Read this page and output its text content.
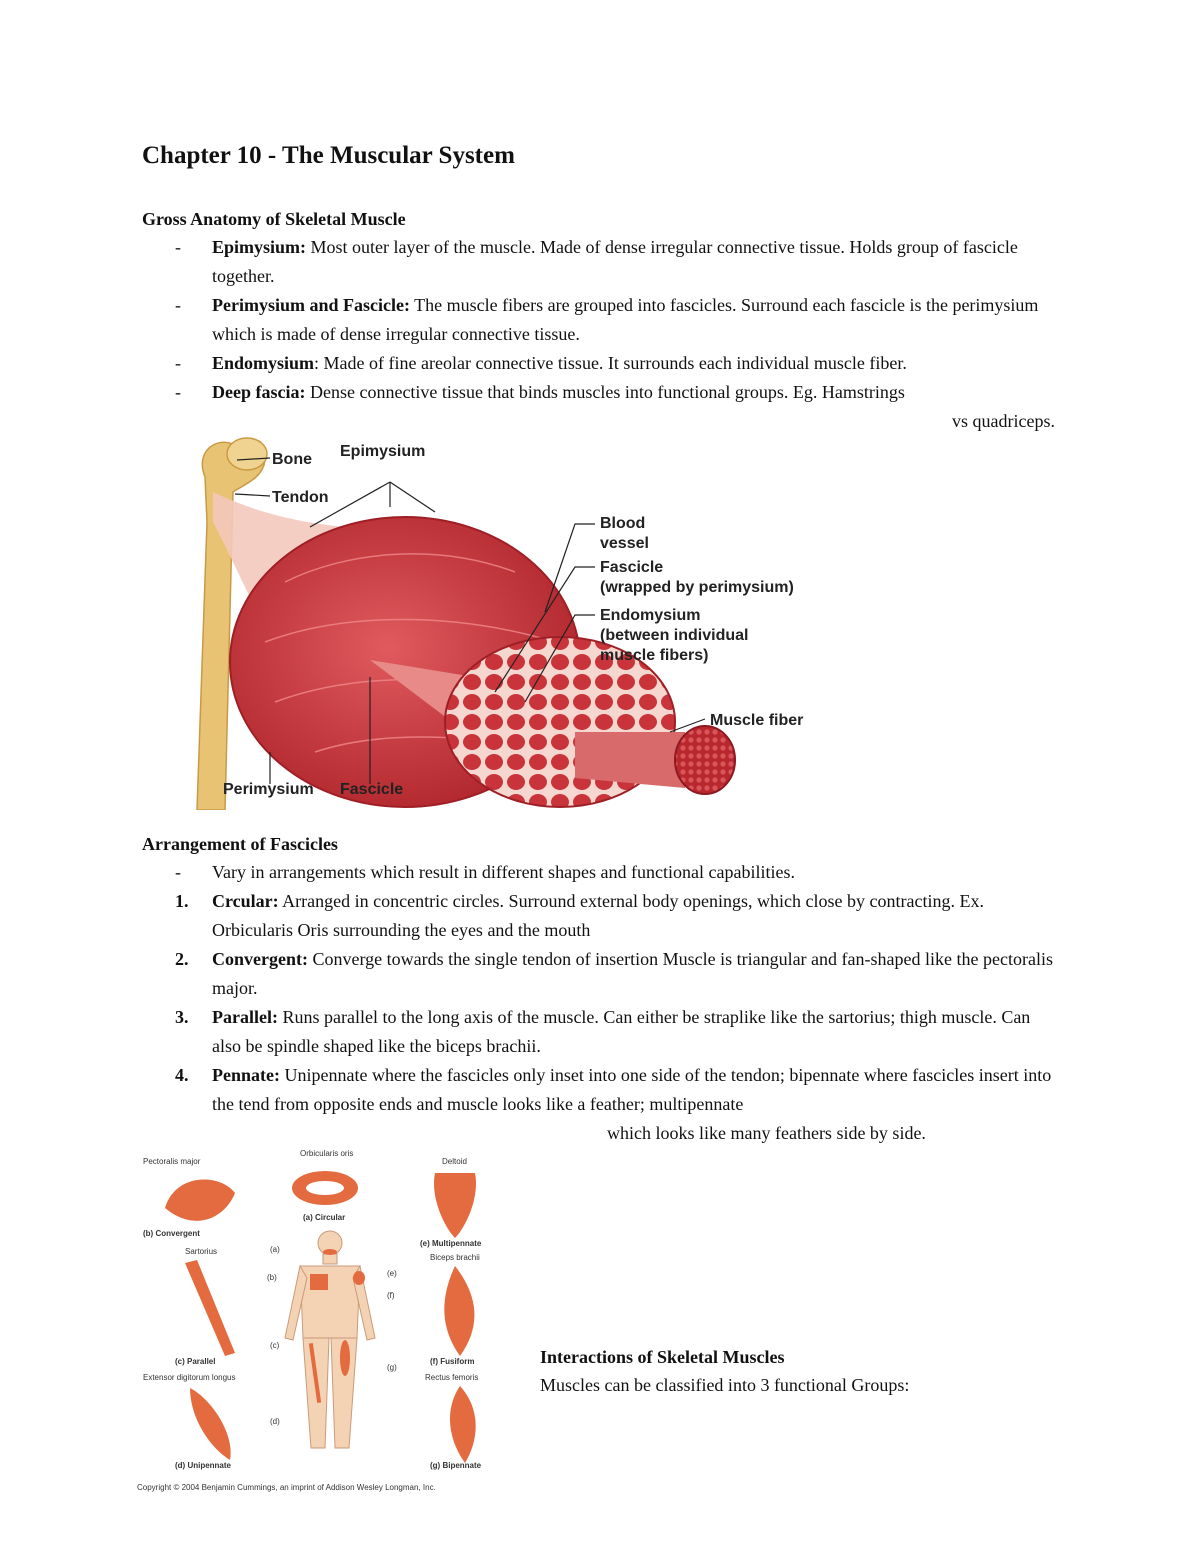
Chapter 10 - The Muscular System
Gross Anatomy of Skeletal Muscle
- Epimysium: Most outer layer of the muscle. Made of dense irregular connective tissue. Holds group of fascicle together.
- Perimysium and Fascicle: The muscle fibers are grouped into fascicles. Surround each fascicle is the perimysium which is made of dense irregular connective tissue.
- Endomysium: Made of fine areolar connective tissue. It surrounds each individual muscle fiber.
- Deep fascia: Dense connective tissue that binds muscles into functional groups. Eg. Hamstrings
vs quadriceps.
Bone
Tendon
Epimysium
Blood
vessel
Fascicle
(wrapped by perimysium)
Endomysium
(between individual
muscle fibers)
Muscle fiber
Perimysium Fascicle
Arrangement of Fascicles
- Vary in arrangements which result in different shapes and functional capabilities.
1. Crcular: Arranged in concentric circles. Surround external body openings, which close by contracting. Ex. Orbicularis Oris surrounding the eyes and the mouth
2. Convergent: Converge towards the single tendon of insertion Muscle is triangular and fan-shaped like the pectoralis major.
3. Parallel: Runs parallel to the long axis of the muscle. Can either be straplike like the sartorius; thigh muscle. Can also be spindle shaped like the biceps brachii.
4. Pennate: Unipennate where the fascicles only inset into one side of the tendon; bipennate where fascicles insert into the tend from opposite ends and muscle looks like a feather; multipennate
which looks like many feathers side by side.
Pectoralis major
(b) Convergent
Orbicularis oris
(a) Circular
Deltoid
(e) Multipennate
Sartorius
(c) Parallel
Biceps brachii
(f) Fusiform
Extensor digitorum longus
(d) Unipennate
Rectus femoris
(g) Bipennate
(a)
(b)
(c)
(d)
(e)
(f)
(g)
Copyright © 2004 Benjamin Cummings, an imprint of Addison Wesley Longman, Inc.
Interactions of Skeletal Muscles

Muscles can be classified into 3 functional Groups:
